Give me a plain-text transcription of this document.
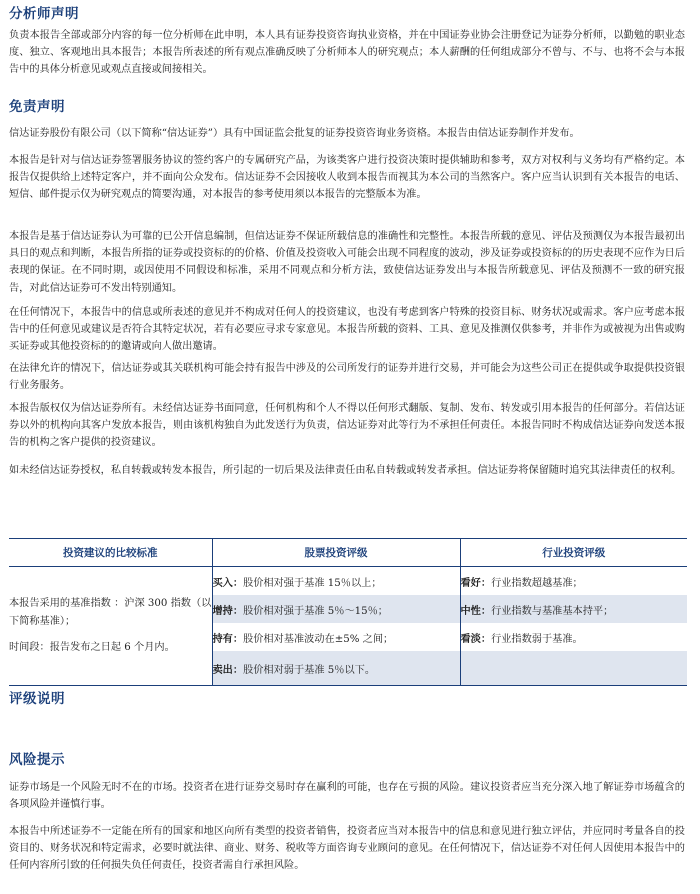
分析师声明

负责本报告全部或部分内容的每一位分析师在此申明，本人具有证券投资咨询执业资格，并在中国证券业协会注册登记为证券分析师，以勤勉的职业态度、独立、客观地出具本报告；本报告所表述的所有观点准确反映了分析师本人的研究观点；本人薪酬的任何组成部分不曾与、不与、也将不会与本报告中的具体分析意见或观点直接或间接相关。

免责声明

信达证券股份有限公司（以下简称“信达证券”）具有中国证监会批复的证券投资咨询业务资格。本报告由信达证券制作并发布。

本报告是针对与信达证券签署服务协议的签约客户的专属研究产品，为该类客户进行投资决策时提供辅助和参考，双方对权利与义务均有严格约定。本报告仅提供给上述特定客户，并不面向公众发布。信达证券不会因接收人收到本报告而视其为本公司的当然客户。客户应当认识到有关本报告的电话、短信、邮件提示仅为研究观点的简要沟通，对本报告的参考使用须以本报告的完整版本为准。

本报告是基于信达证券认为可靠的已公开信息编制，但信达证券不保证所载信息的准确性和完整性。本报告所载的意见、评估及预测仅为本报告最初出具日的观点和判断，本报告所指的证券或投资标的的价格、价值及投资收入可能会出现不同程度的波动，涉及证券或投资标的的历史表现不应作为日后表现的保证。在不同时期，或因使用不同假设和标准，采用不同观点和分析方法，致使信达证券发出与本报告所载意见、评估及预测不一致的研究报告，对此信达证券可不发出特别通知。

在任何情况下，本报告中的信息或所表述的意见并不构成对任何人的投资建议，也没有考虑到客户特殊的投资目标、财务状况或需求。客户应考虑本报告中的任何意见或建议是否符合其特定状况，若有必要应寻求专家意见。本报告所载的资料、工具、意见及推测仅供参考，并非作为或被视为出售或购买证券或其他投资标的的邀请或向人做出邀请。

在法律允许的情况下，信达证券或其关联机构可能会持有报告中涉及的公司所发行的证券并进行交易，并可能会为这些公司正在提供或争取提供投资银行业务服务。

本报告版权仅为信达证券所有。未经信达证券书面同意，任何机构和个人不得以任何形式翻版、复制、发布、转发或引用本报告的任何部分。若信达证券以外的机构向其客户发放本报告，则由该机构独自为此发送行为负责，信达证券对此等行为不承担任何责任。本报告同时不构成信达证券向发送本报告的机构之客户提供的投资建议。

如未经信达证券授权，私自转载或转发本报告，所引起的一切后果及法律责任由私自转载或转发者承担。信达证券将保留随时追究其法律责任的权利。

投资建议的比较标准	股票投资评级	行业投资评级

本报告采用的基准指数 ：沪深 300 指数（以下简称基准）；
时间段：报告发布之日起 6 个月内。	买入：股价相对强于基准 15％以上；	看好：行业指数超越基准；
	增持：股价相对强于基准 5％～15％；	中性：行业指数与基准基本持平；
	持有：股价相对基准波动在±5% 之间；	看淡：行业指数弱于基准。
	卖出：股价相对弱于基准 5％以下。	
评级说明
风险提示

证券市场是一个风险无时不在的市场。投资者在进行证券交易时存在赢利的可能，也存在亏损的风险。建议投资者应当充分深入地了解证券市场蕴含的各项风险并谨慎行事。

本报告中所述证券不一定能在所有的国家和地区向所有类型的投资者销售，投资者应当对本报告中的信息和意见进行独立评估，并应同时考量各自的投资目的、财务状况和特定需求，必要时就法律、商业、财务、税收等方面咨询专业顾问的意见。在任何情况下，信达证券不对任何人因使用本报告中的任何内容所引致的任何损失负任何责任，投资者需自行承担风险。
